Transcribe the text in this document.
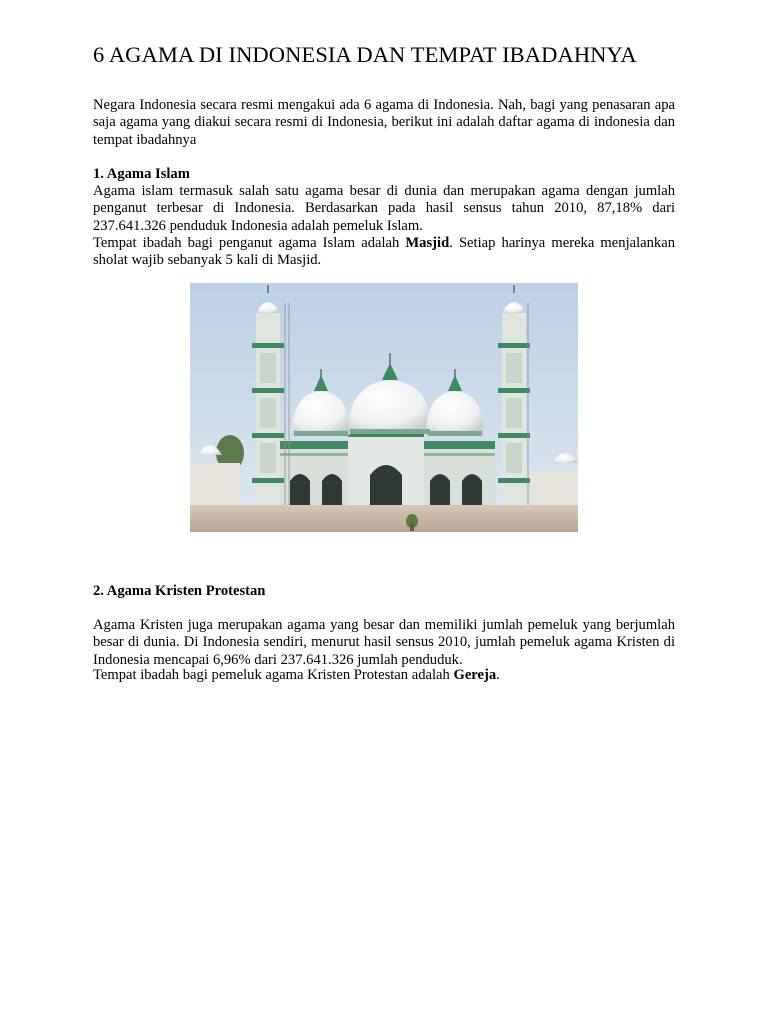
6 AGAMA DI INDONESIA DAN TEMPAT IBADAHNYA

Negara Indonesia secara resmi mengakui ada 6 agama di Indonesia. Nah, bagi yang penasaran apa saja agama yang diakui secara resmi di Indonesia, berikut ini adalah daftar agama di indonesia dan tempat ibadahnya

1. Agama Islam

Agama islam termasuk salah satu agama besar di dunia dan merupakan agama dengan jumlah penganut terbesar di Indonesia. Berdasarkan pada hasil sensus tahun 2010, 87,18% dari 237.641.326 penduduk Indonesia adalah pemeluk Islam.

Tempat ibadah bagi penganut agama Islam adalah Masjid. Setiap harinya mereka menjalankan sholat wajib sebanyak 5 kali di Masjid.

2. Agama Kristen Protestan

Agama Kristen juga merupakan agama yang besar dan memiliki jumlah pemeluk yang berjumlah besar di dunia. Di Indonesia sendiri, menurut hasil sensus 2010, jumlah pemeluk agama Kristen di Indonesia mencapai 6,96% dari 237.641.326 jumlah penduduk.

Tempat ibadah bagi pemeluk agama Kristen Protestan adalah Gereja.
